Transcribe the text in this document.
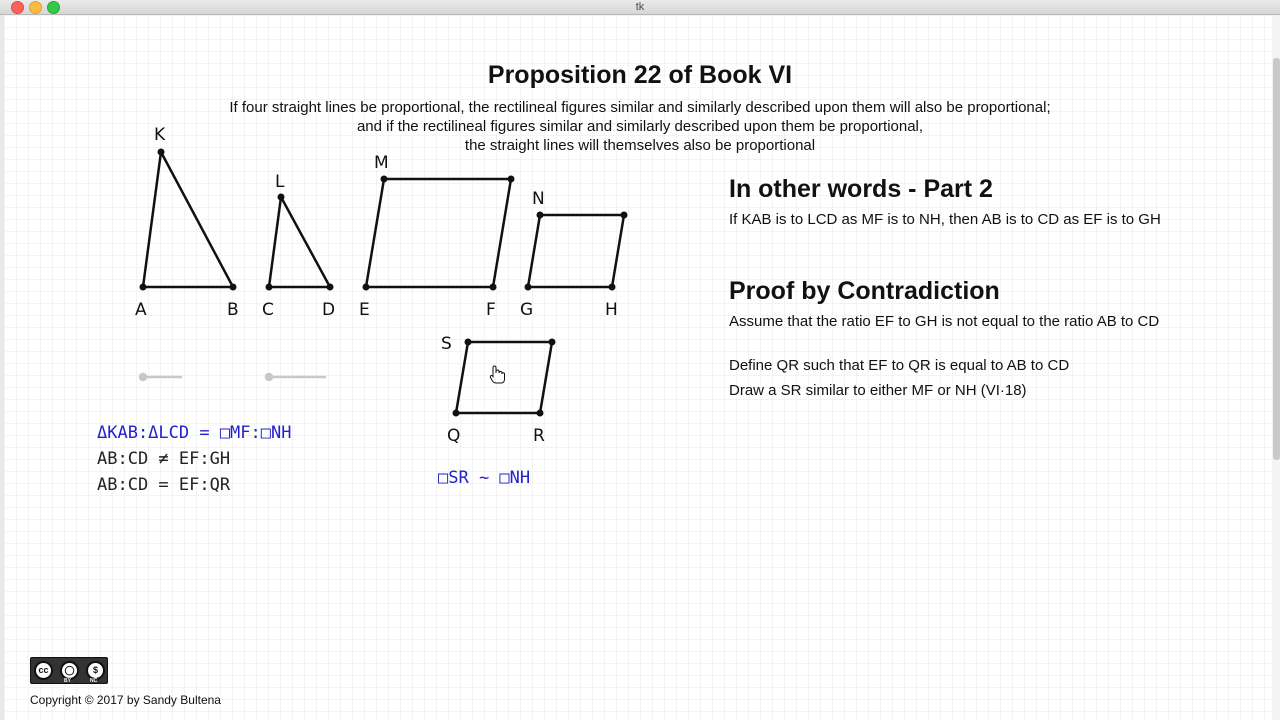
tk
Proposition 22 of Book VI
If four straight lines be proportional, the rectilineal figures similar and similarly described upon them will also be proportional;
and if the rectilineal figures similar and similarly described upon them be proportional,
the straight lines will themselves also be proportional
K
A	B
L
C	D
M
E	F
N
G	H
S
Q	R
ΔKAB:ΔLCD = □MF:□NH
AB:CD ≠ EF:GH
AB:CD = EF:QR	□SR ~ □NH
In other words - Part 2
If KAB is to LCD as MF is to NH, then AB is to CD as EF is to GH
Proof by Contradiction
Assume that the ratio EF to GH is not equal to the ratio AB to CD
Define QR such that EF to QR is equal to AB to CD
Draw a SR similar to either MF or NH (VI·18)
cc	◯	$
BY	NC
Copyright © 2017 by Sandy Bultena
